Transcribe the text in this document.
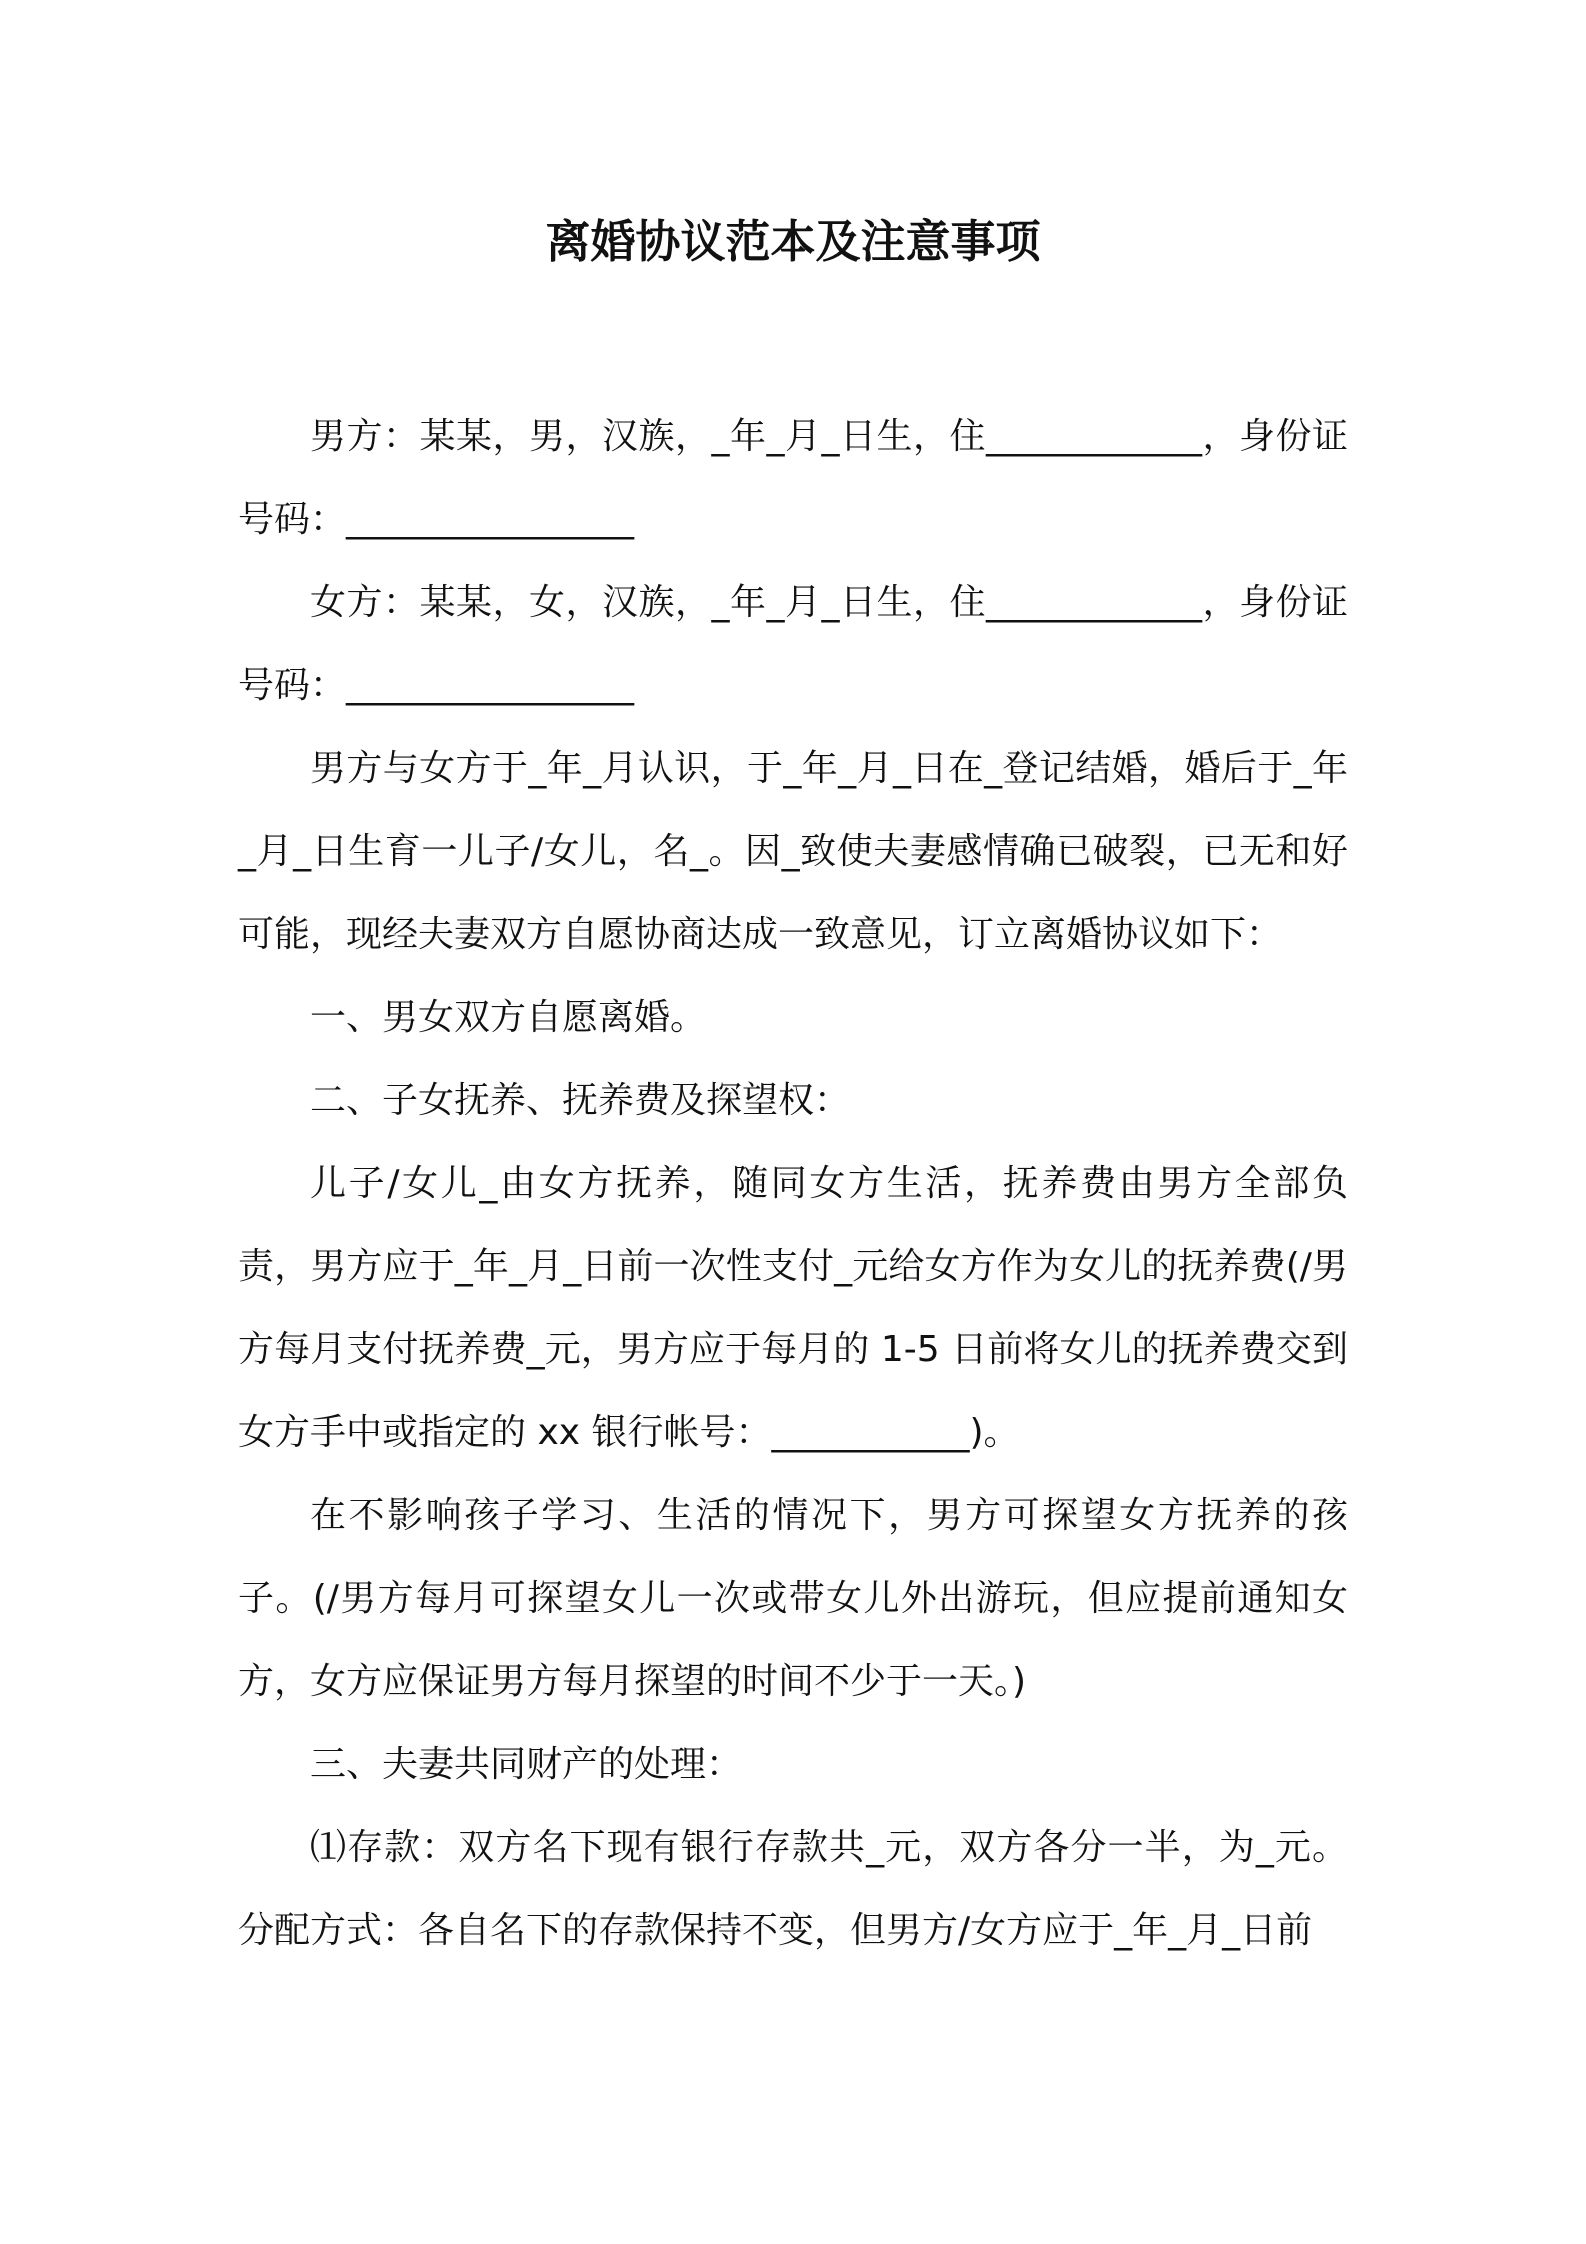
离婚协议范本及注意事项

男方：某某，男，汉族，_年_月_日生，住____________，身份证号码：________________

女方：某某，女，汉族，_年_月_日生，住____________，身份证号码：________________

男方与女方于_年_月认识，于_年_月_日在_登记结婚，婚后于_年_月_日生育一儿子/女儿，名_。因_致使夫妻感情确已破裂，已无和好可能，现经夫妻双方自愿协商达成一致意见，订立离婚协议如下：

一、男女双方自愿离婚。

二、子女抚养、抚养费及探望权：

儿子/女儿_由女方抚养，随同女方生活，抚养费由男方全部负责，男方应于_年_月_日前一次性支付_元给女方作为女儿的抚养费(/男方每月支付抚养费_元，男方应于每月的 1-5 日前将女儿的抚养费交到女方手中或指定的 xx 银行帐号：___________)。

在不影响孩子学习、生活的情况下，男方可探望女方抚养的孩子。(/男方每月可探望女儿一次或带女儿外出游玩，但应提前通知女方，女方应保证男方每月探望的时间不少于一天。)

三、夫妻共同财产的处理：

⑴存款：双方名下现有银行存款共_元，双方各分一半，为_元。分配方式：各自名下的存款保持不变，但男方/女方应于_年_月_日前
